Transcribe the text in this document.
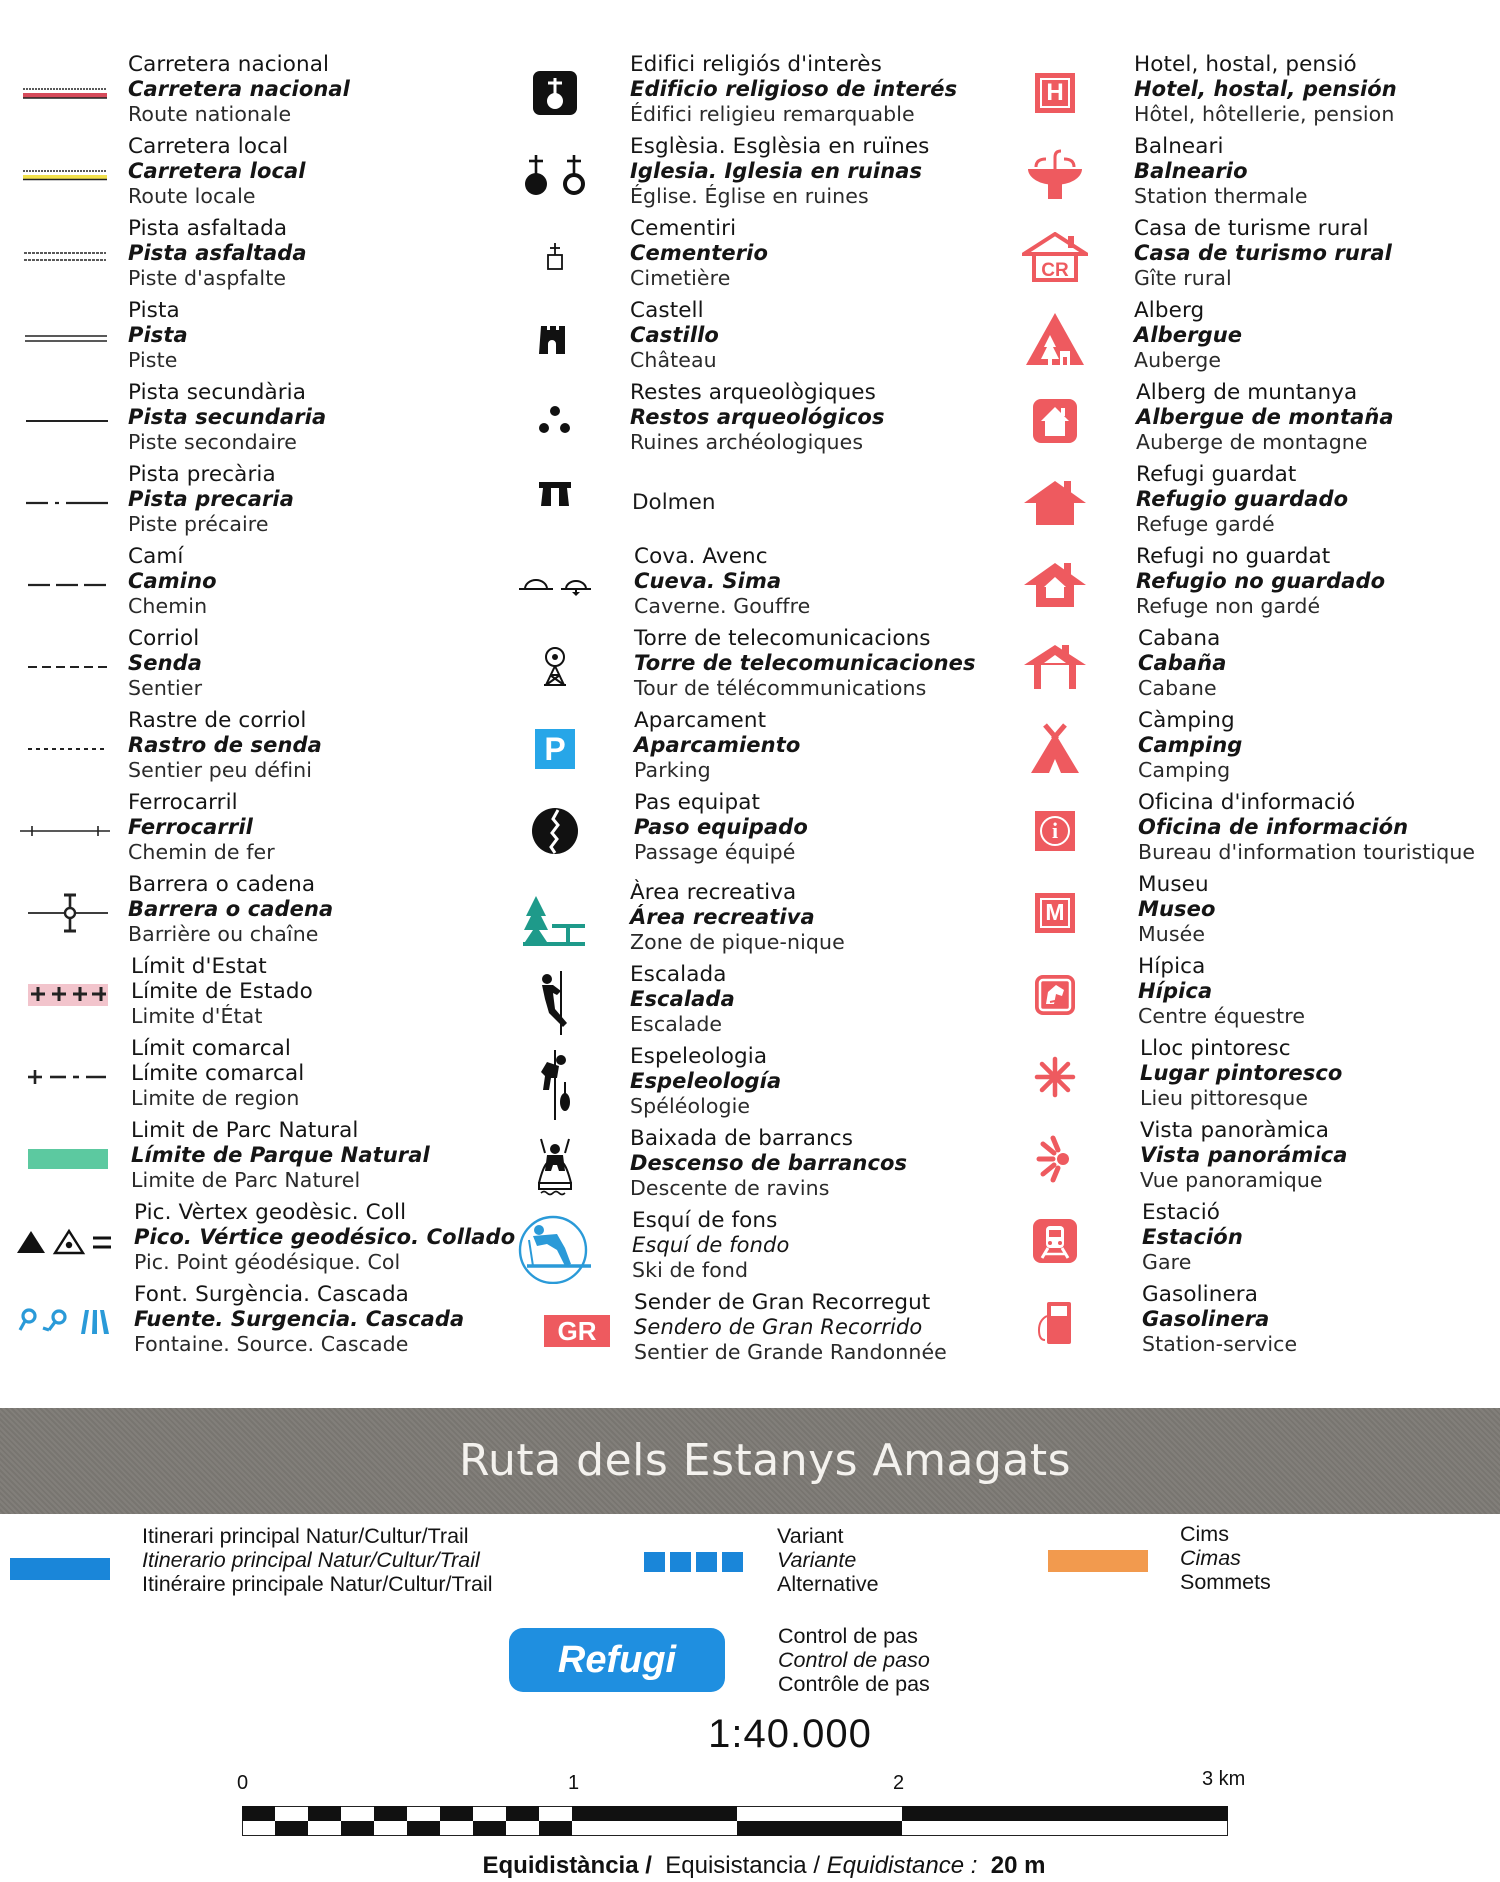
Carretera nacional
Carretera nacional
Route nationale
Carretera local
Carretera local
Route locale
Pista asfaltada
Pista asfaltada
Piste d'aspfalte
Pista
Pista
Piste
Pista secundària
Pista secundaria
Piste secondaire
Pista precària
Pista precaria
Piste précaire
Camí
Camino
Chemin
Corriol
Senda
Sentier
Rastre de corriol
Rastro de senda
Sentier peu défini
Ferrocarril
Ferrocarril
Chemin de fer
Barrera o cadena
Barrera o cadena
Barrière ou chaîne
Límit d'Estat
Límite de Estado
Limite d'État
Límit comarcal
Límite comarcal
Limite de region
Limit de Parc Natural
Límite de Parque Natural
Limite de Parc Naturel
Pic. Vèrtex geodèsic. Coll
Pico. Vértice geodésico. Collado
Pic. Point géodésique. Col
Font. Surgència. Cascada
Fuente. Surgencia. Cascada
Fontaine. Source. Cascade
Edifici religiós d'interès
Edificio religioso de interés
Édifici religieu remarquable
Esglèsia. Esglèsia en ruïnes
Iglesia. Iglesia en ruinas
Église. Église en ruines
Cementiri
Cementerio
Cimetière
Castell
Castillo
Château
Restes arqueològiques
Restos arqueológicos
Ruines archéologiques
Dolmen
Cova. Avenc
Cueva. Sima
Caverne. Gouffre
Torre de telecomunicacions
Torre de telecomunicaciones
Tour de télécommunications
P
Aparcament
Aparcamiento
Parking
Pas equipat
Paso equipado
Passage équipé
Àrea recreativa
Área recreativa
Zone de pique-nique
Escalada
Escalada
Escalade
Espeleologia
Espeleología
Spéléologie
Baixada de barrancs
Descenso de barrancos
Descente de ravins
Esquí de fons
Esquí de fondo
Ski de fond
GR 11
Sender de Gran Recorregut
Sendero de Gran Recorrido
Sentier de Grande Randonnée
H
Hotel, hostal, pensió
Hotel, hostal, pensión
Hôtel, hôtellerie, pension
Balneari
Balneario
Station thermale
CR
Casa de turisme rural
Casa de turismo rural
Gîte rural
Alberg
Albergue
Auberge
Alberg de muntanya
Albergue de montaña
Auberge de montagne
Refugi guardat
Refugio guardado
Refuge gardé
Refugi no guardat
Refugio no guardado
Refuge non gardé
Cabana
Cabaña
Cabane
Càmping
Camping
Camping
i
Oficina d'informació
Oficina de información
Bureau d'information touristique
M
Museu
Museo
Musée
Hípica
Hípica
Centre équestre
Lloc pintoresc
Lugar pintoresco
Lieu pittoresque
Vista panoràmica
Vista panorámica
Vue panoramique
Estació
Estación
Gare
Gasolinera
Gasolinera
Station-service
Ruta dels Estanys Amagats
Itinerari principal Natur/Cultur/Trail
Itinerario principal Natur/Cultur/Trail
Itinéraire principale Natur/Cultur/Trail
Variant
Variante
Alternative
Cims
Cimas
Sommets
Refugi
Control de pas
Control de paso
Contrôle de pas
1:40.000
0	1	2	3 km
Equidistància / Equisistancia / Equidistance : 20 m
